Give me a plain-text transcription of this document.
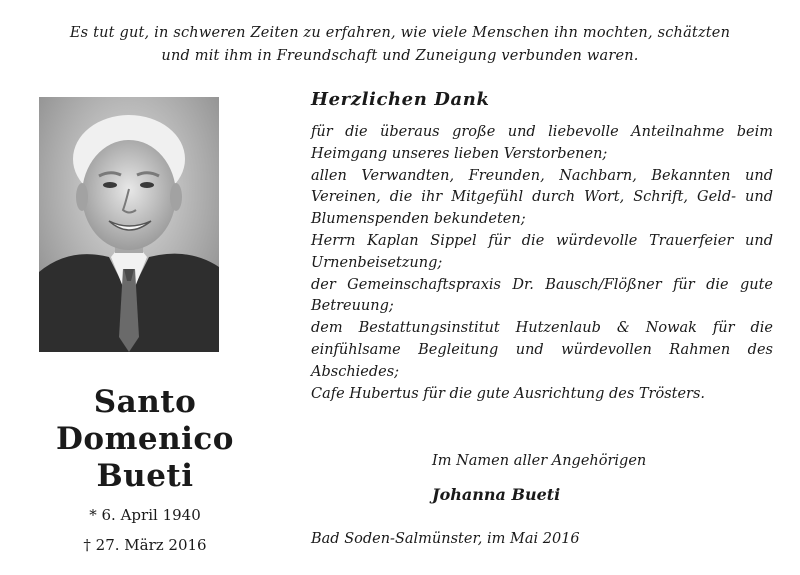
Es tut gut, in schweren Zeiten zu erfahren, wie viele Menschen ihn mochten, schätzten
und mit ihm in Freundschaft und Zuneigung verbunden waren.
Santo
Domenico
Bueti
* 6. April 1940
† 27. März 2016
Herzlichen Dank
für die überaus große und liebevolle Anteilnahme beim Heimgang unseres lieben Verstorbenen;
allen Verwandten, Freunden, Nachbarn, Bekannten und Vereinen, die ihr Mitgefühl durch Wort, Schrift, Geld- und Blumenspenden bekundeten;
Herrn Kaplan Sippel für die würdevolle Trauerfeier und Urnenbeisetzung;
der Gemeinschaftspraxis Dr. Bausch/Flößner für die gute Betreuung;
dem Bestattungsinstitut Hutzenlaub & Nowak für die einfühlsame Begleitung und würdevollen Rahmen des Abschiedes;
Cafe Hubertus für die gute Ausrichtung des Trösters.
Im Namen aller Angehörigen
Johanna Bueti
Bad Soden-Salmünster, im Mai 2016
